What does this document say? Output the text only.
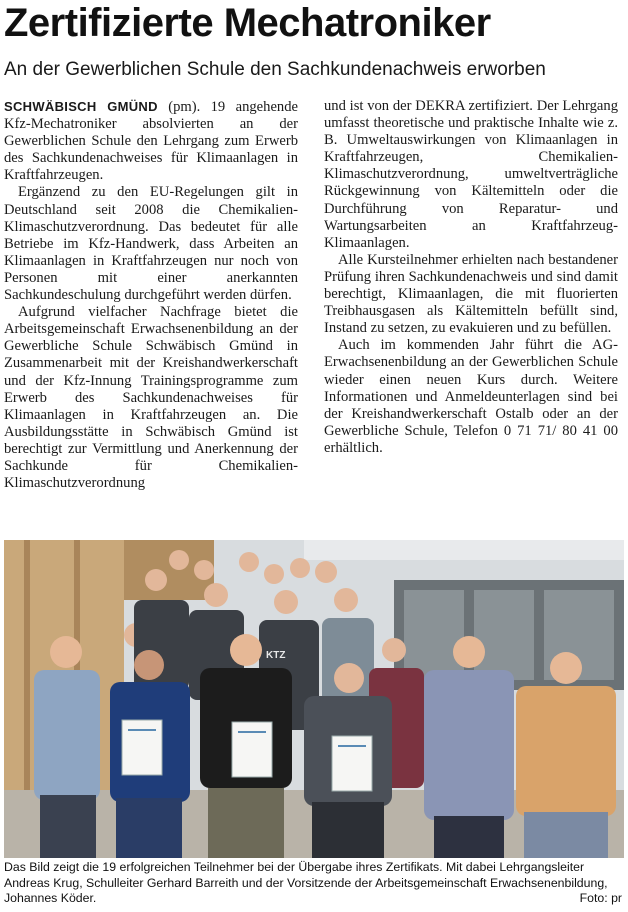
Zertifizierte Mechatroniker
An der Gewerblichen Schule den Sachkundenachweis erworben

SCHWÄBISCH GMÜND (pm). 19 angehende Kfz-Mechatroniker absolvierten an der Gewerblichen Schule den Lehrgang zum Erwerb des Sachkundenachweises für Klimaanlagen in Kraftfahrzeugen.

Ergänzend zu den EU-Regelungen gilt in Deutschland seit 2008 die Chemikalien-Klimaschutzverordnung. Das bedeutet für alle Betriebe im Kfz-Handwerk, dass Arbeiten an Klimaanlagen in Kraftfahrzeugen nur noch von Personen mit einer anerkannten Sachkundeschulung durchgeführt werden dürfen.

Aufgrund vielfacher Nachfrage bietet die Arbeitsgemeinschaft Erwachsenenbildung an der Gewerbliche Schule Schwäbisch Gmünd in Zusammenarbeit mit der Kreishandwerkerschaft und der Kfz-Innung Trainingsprogramme zum Erwerb des Sachkundenachweises für Klimaanlagen in Kraftfahrzeugen an. Die Ausbildungsstätte in Schwäbisch Gmünd ist berechtigt zur Vermittlung und Anerkennung der Sachkunde für Chemikalien-Klimaschutzverordnung

und ist von der DEKRA zertifiziert. Der Lehrgang umfasst theoretische und praktische Inhalte wie z. B. Umweltauswirkungen von Klimaanlagen in Kraftfahrzeugen, Chemikalien-Klimaschutzverordnung, umweltverträgliche Rückgewinnung von Kältemitteln oder die Durchführung von Reparatur- und Wartungsarbeiten an Kraftfahrzeug-Klimaanlagen.

Alle Kursteilnehmer erhielten nach bestandener Prüfung ihren Sachkundenachweis und sind damit berechtigt, Klimaanlagen, die mit fluorierten Treibhausgasen als Kältemitteln befüllt sind, Instand zu setzen, zu evakuieren und zu befüllen.

Auch im kommenden Jahr führt die AG-Erwachsenenbildung an der Gewerblichen Schule wieder einen neuen Kurs durch. Weitere Informationen und Anmeldeunterlagen sind bei der Kreishandwerkerschaft Ostalb oder an der Gewerbliche Schule, Telefon 0 71 71/ 80 41 00 erhältlich.

KTZ
Das Bild zeigt die 19 erfolgreichen Teilnehmer bei der Übergabe ihres Zertifikats. Mit dabei Lehrgangsleiter Andreas Krug, Schulleiter Gerhard Barreith und der Vorsitzende der Arbeitsgemeinschaft Erwachsenenbildung, Johannes Köder.	Foto: pr
